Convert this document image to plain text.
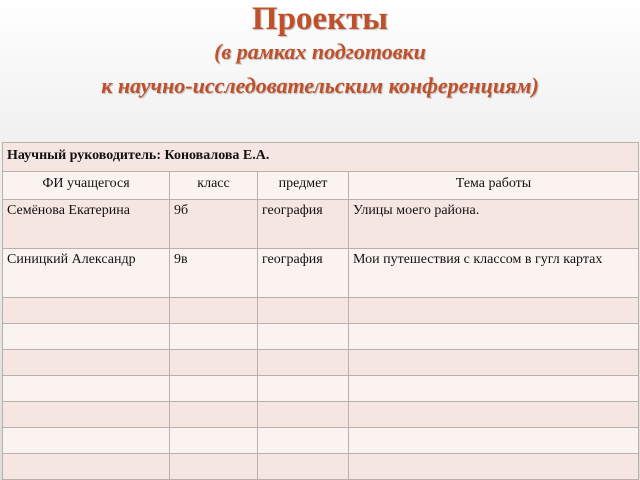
Проекты
(в рамках подготовки
к научно-исследовательским конференциям)
Научный руководитель: Коновалова Е.А.			
ФИ учащегося	класс	предмет	Тема работы
Семёнова Екатерина	9б	география	Улицы моего района.
Синицкий Александр	9в	география	Мои путешествия с классом в гугл картах
